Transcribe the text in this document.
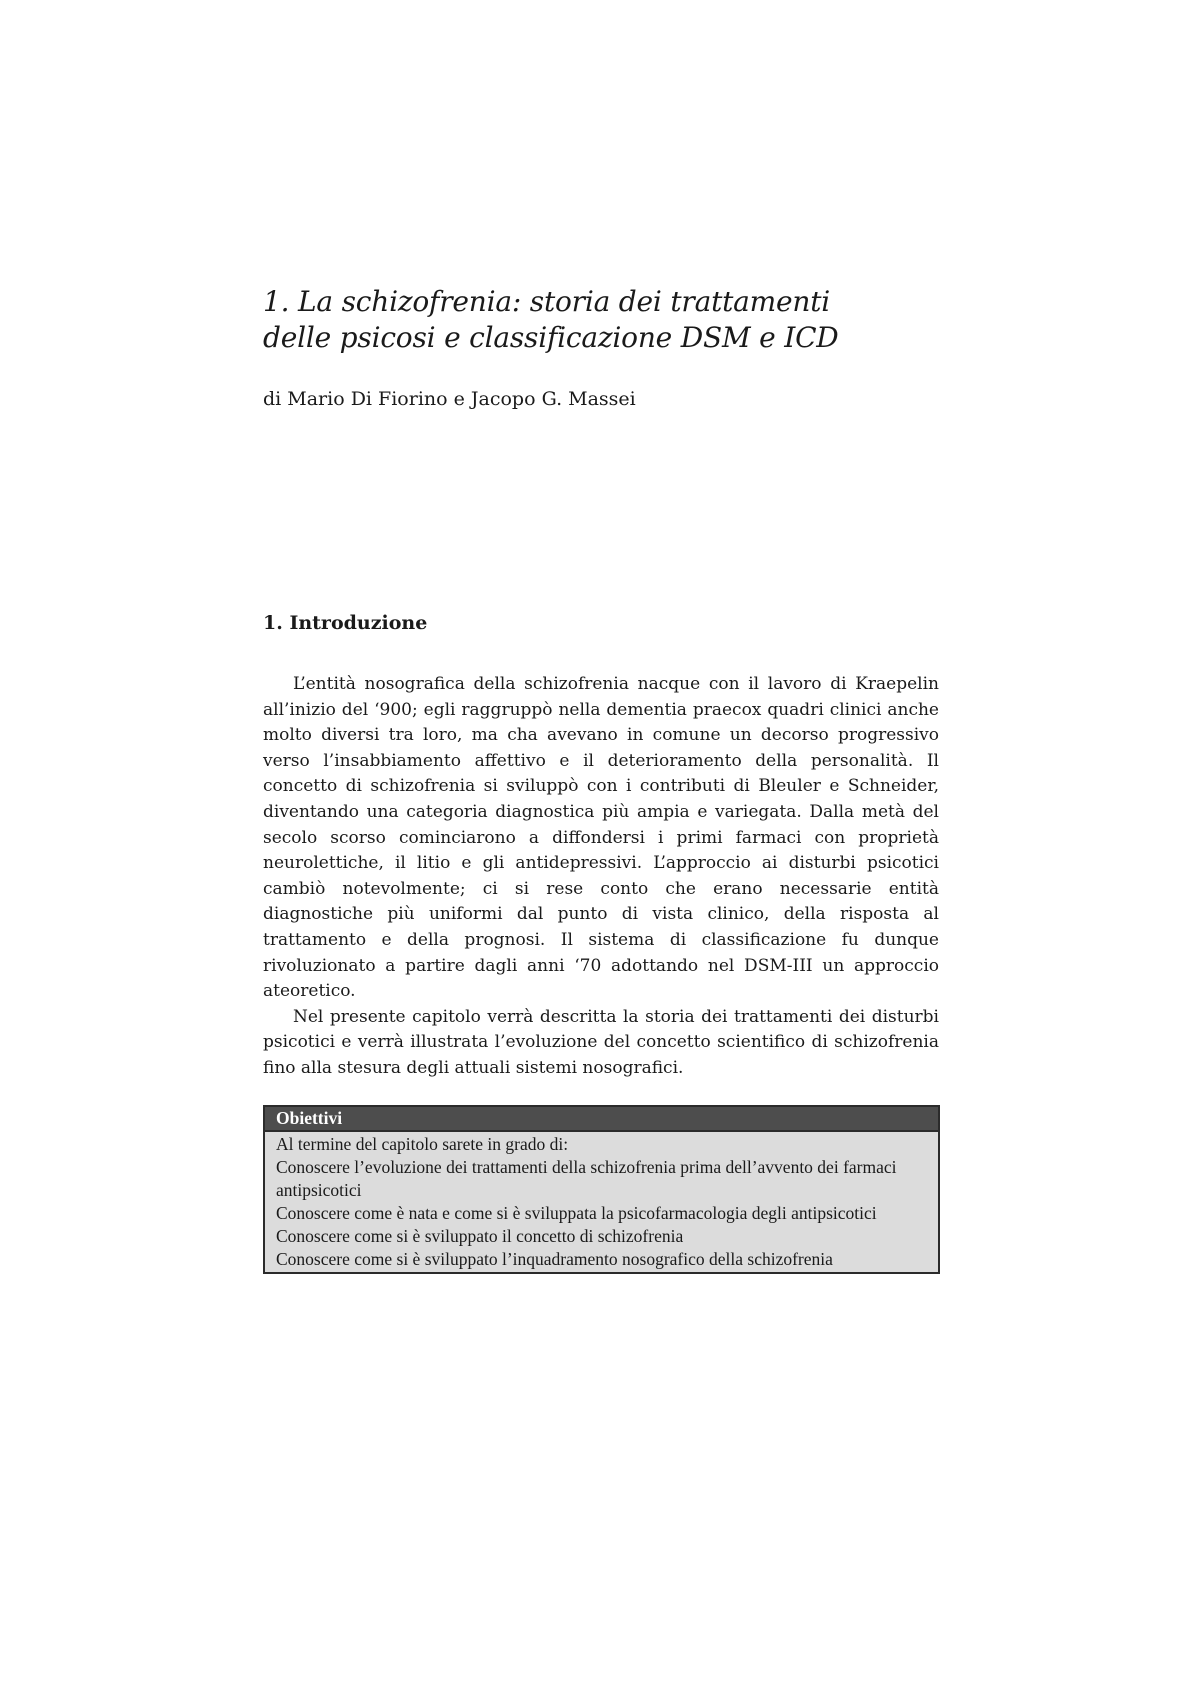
1. La schizofrenia: storia dei trattamenti
delle psicosi e classificazione DSM e ICD

di Mario Di Fiorino e Jacopo G. Massei

1. Introduzione

L’entità nosografica della schizofrenia nacque con il lavoro di Kraepelin all’inizio del ‘900; egli raggruppò nella dementia praecox quadri clinici anche molto diversi tra loro, ma cha avevano in comune un decorso progressivo verso l’insabbiamento affettivo e il deterioramento della personalità. Il concetto di schizofrenia si sviluppò con i contributi di Bleuler e Schneider, diventando una categoria diagnostica più ampia e variegata. Dalla metà del secolo scorso cominciarono a diffondersi i primi farmaci con proprietà neurolettiche, il litio e gli antidepressivi. L’approccio ai disturbi psicotici cambiò notevolmente; ci si rese conto che erano necessarie entità diagnostiche più uniformi dal punto di vista clinico, della risposta al trattamento e della prognosi. Il sistema di classificazione fu dunque rivoluzionato a partire dagli anni ‘70 adottando nel DSM-III un approccio ateoretico.

Nel presente capitolo verrà descritta la storia dei trattamenti dei disturbi psicotici e verrà illustrata l’evoluzione del concetto scientifico di schizofrenia fino alla stesura degli attuali sistemi nosografici.

Obiettivi
Al termine del capitolo sarete in grado di:
Conoscere l’evoluzione dei trattamenti della schizofrenia prima dell’avvento dei farmaci antipsicotici
Conoscere come è nata e come si è sviluppata la psicofarmacologia degli antipsicotici
Conoscere come si è sviluppato il concetto di schizofrenia
Conoscere come si è sviluppato l’inquadramento nosografico della schizofrenia
